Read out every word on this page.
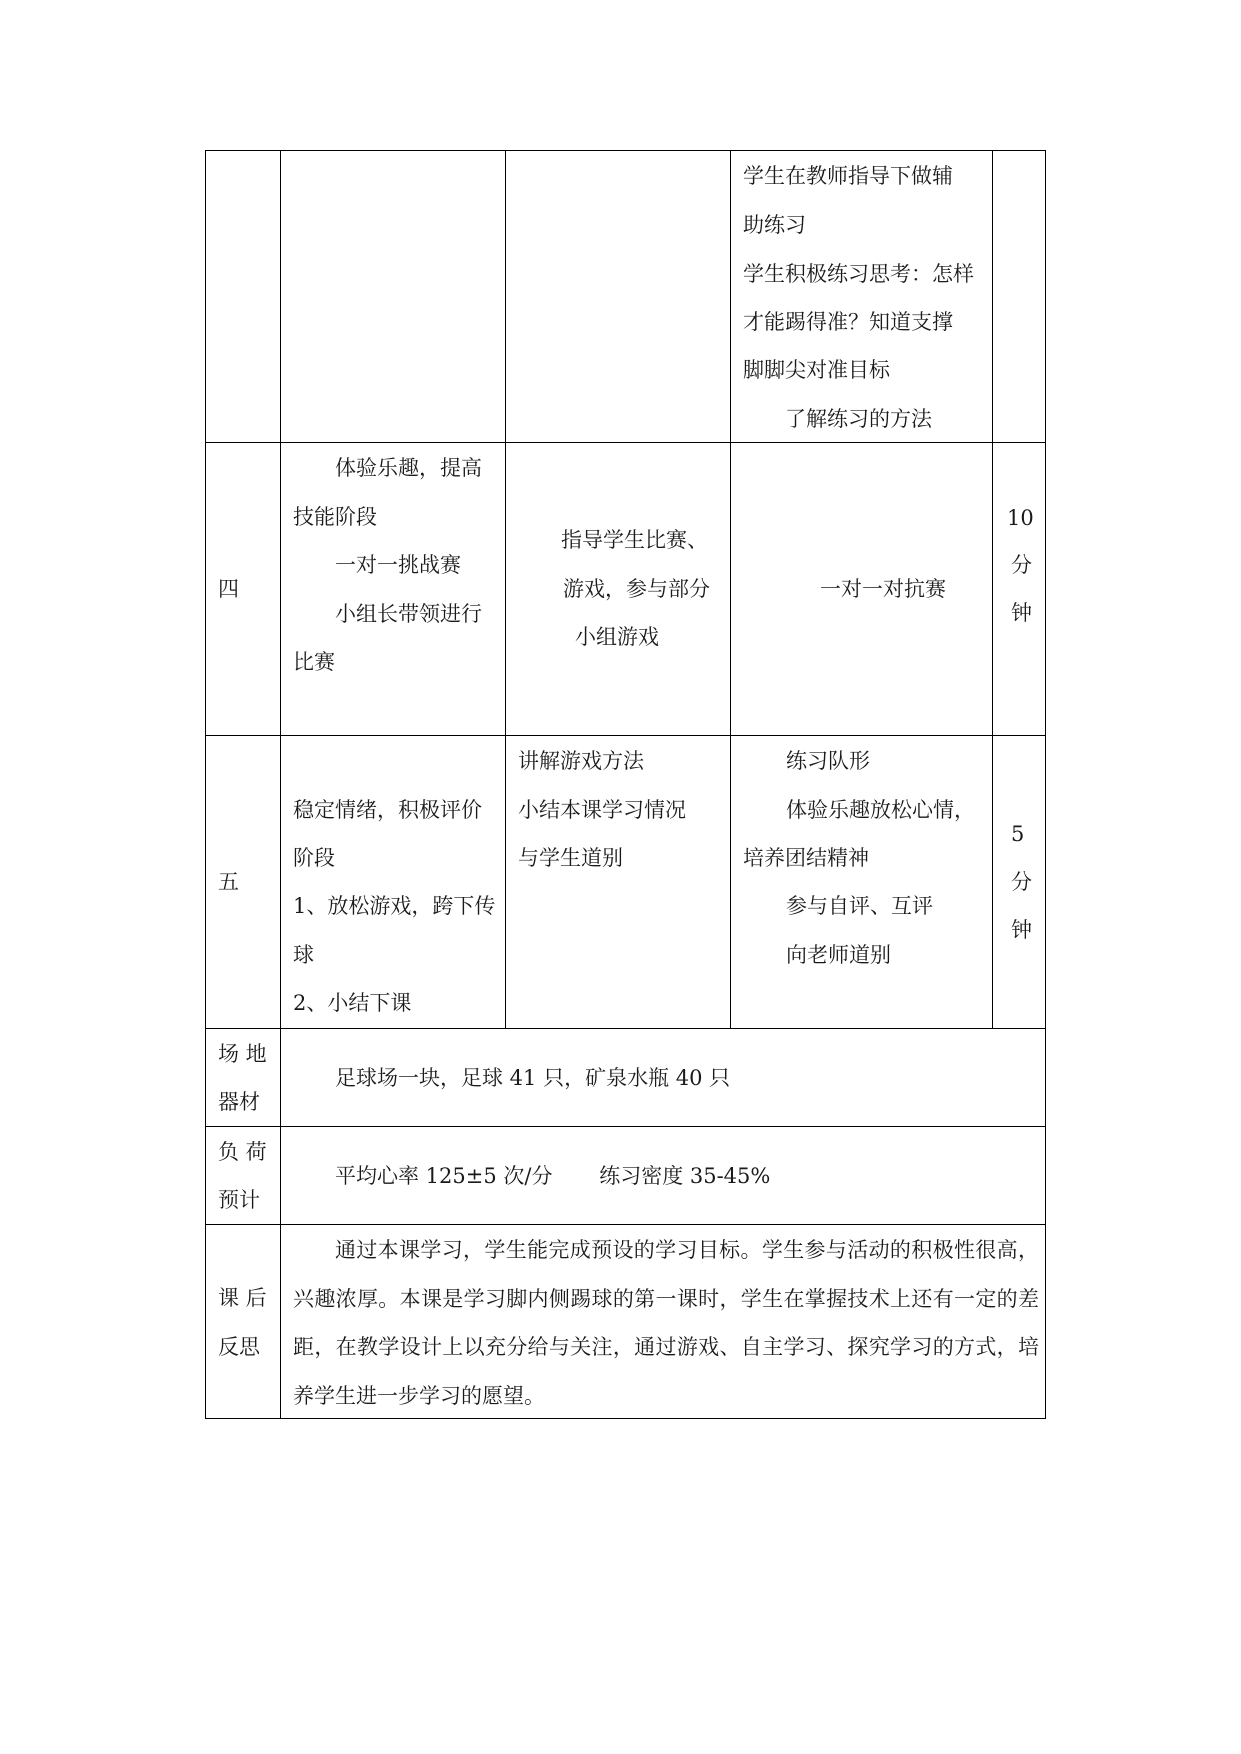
学生在教师指导下做辅
助练习
学生积极练习思考：怎样
才能踢得准？知道支撑
脚脚尖对准目标
了解练习的方法
四
体验乐趣，提高
技能阶段
一对一挑战赛
小组长带领进行
比赛
指导学生比赛、
游戏，参与部分
小组游戏
一对一对抗赛
10
分
钟
五
稳定情绪，积极评价
阶段
1、放松游戏，跨下传
球
2、小结下课
讲解游戏方法
小结本课学习情况
与学生道别
练习队形
体验乐趣放松心情，
培养团结精神
参与自评、互评
向老师道别
5
分
钟
场 地
器材
足球场一块，足球 41 只，矿泉水瓶 40 只
负 荷
预计
平均心率 125±5 次/分       练习密度 35-45%
课 后
反思
通过本课学习，学生能完成预设的学习目标。学生参与活动的积极性很高，兴趣浓厚。本课是学习脚内侧踢球的第一课时，学生在掌握技术上还有一定的差距，在教学设计上以充分给与关注，通过游戏、自主学习、探究学习的方式，培养学生进一步学习的愿望。
